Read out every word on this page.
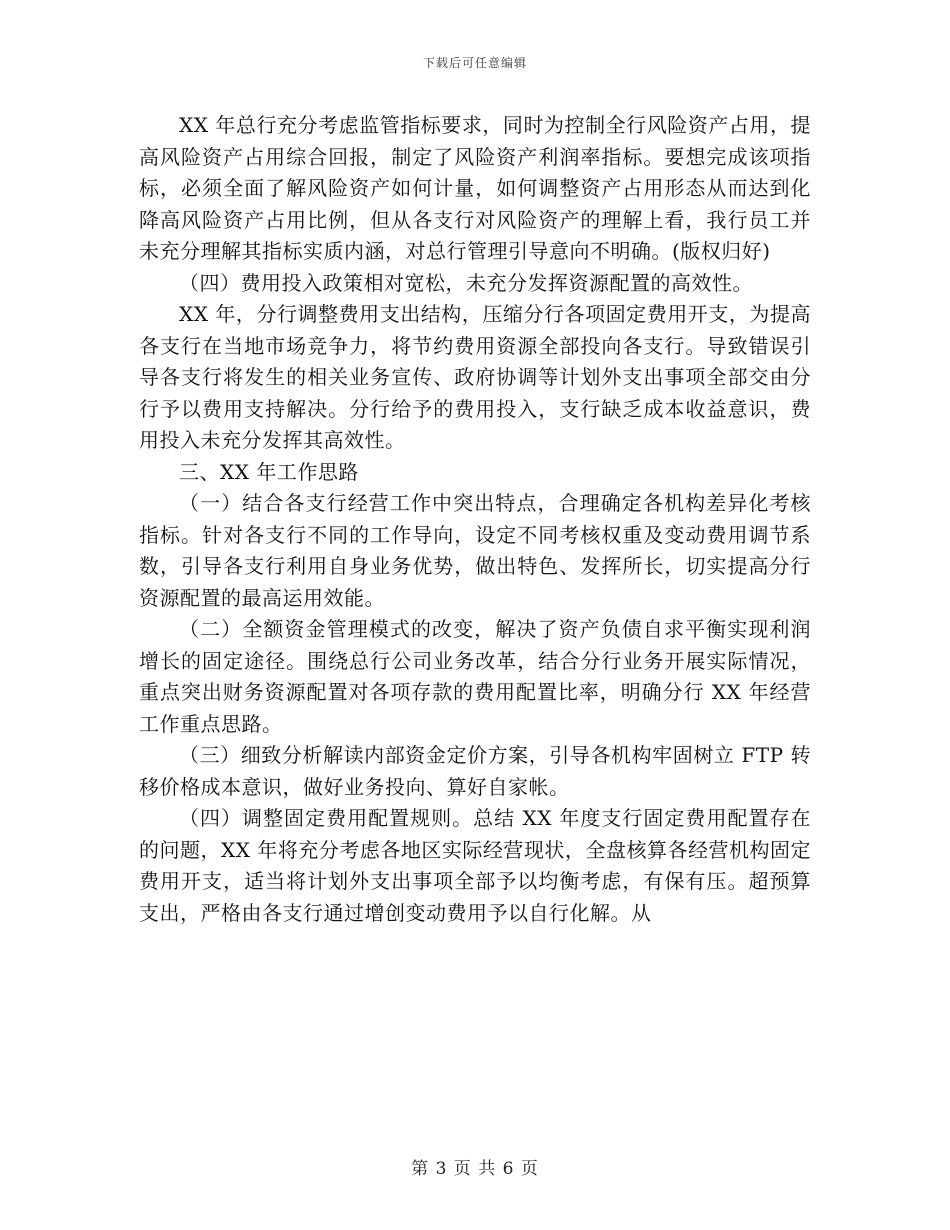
下载后可任意编辑

XX 年总行充分考虑监管指标要求，同时为控制全行风险资产占用，提高风险资产占用综合回报，制定了风险资产利润率指标。要想完成该项指标，必须全面了解风险资产如何计量，如何调整资产占用形态从而达到化降高风险资产占用比例，但从各支行对风险资产的理解上看，我行员工并未充分理解其指标实质内涵，对总行管理引导意向不明确。(版权归好)

（四）费用投入政策相对宽松，未充分发挥资源配置的高效性。

XX 年，分行调整费用支出结构，压缩分行各项固定费用开支，为提高各支行在当地市场竞争力，将节约费用资源全部投向各支行。导致错误引导各支行将发生的相关业务宣传、政府协调等计划外支出事项全部交由分行予以费用支持解决。分行给予的费用投入，支行缺乏成本收益意识，费用投入未充分发挥其高效性。

三、XX 年工作思路

（一）结合各支行经营工作中突出特点，合理确定各机构差异化考核指标。针对各支行不同的工作导向，设定不同考核权重及变动费用调节系数，引导各支行利用自身业务优势，做出特色、发挥所长，切实提高分行资源配置的最高运用效能。

（二）全额资金管理模式的改变，解决了资产负债自求平衡实现利润增长的固定途径。围绕总行公司业务改革，结合分行业务开展实际情况，重点突出财务资源配置对各项存款的费用配置比率，明确分行 XX 年经营工作重点思路。

（三）细致分析解读内部资金定价方案，引导各机构牢固树立 FTP 转移价格成本意识，做好业务投向、算好自家帐。

（四）调整固定费用配置规则。总结 XX 年度支行固定费用配置存在的问题，XX 年将充分考虑各地区实际经营现状，全盘核算各经营机构固定费用开支，适当将计划外支出事项全部予以均衡考虑，有保有压。超预算支出，严格由各支行通过增创变动费用予以自行化解。从

第 3 页 共 6 页
